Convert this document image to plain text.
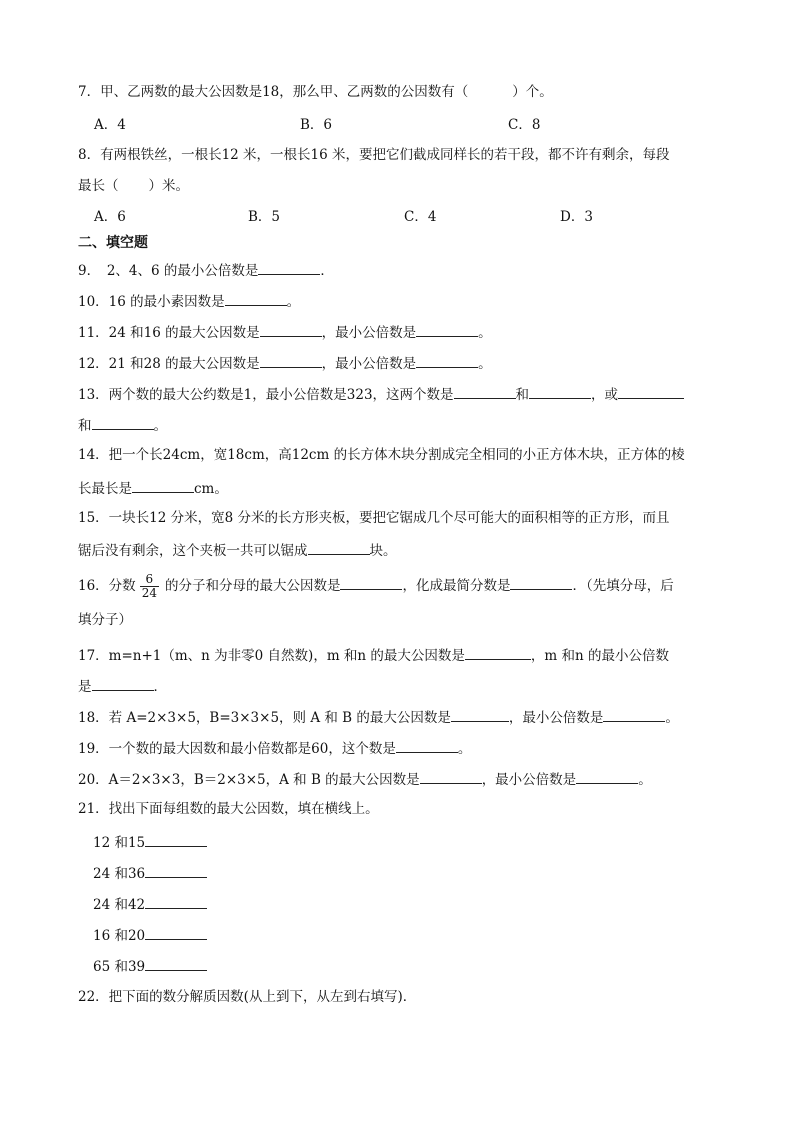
7．甲、乙两数的最大公因数是18，那么甲、乙两数的公因数有（	）个。
A．4	B．6	C．8
8．有两根铁丝，一根长12 米，一根长16 米，要把它们截成同样长的若干段，都不许有剩余，每段
最长（ ）米。
A．6	B．5	C．4	D．3
二、填空题
9．　2、4、6 的最小公倍数是	．
10．16 的最小素因数是	。
11．24 和16 的最大公因数是	，最小公倍数是	。
12．21 和28 的最大公因数是	，最小公倍数是	。
13．两个数的最大公约数是1，最小公倍数是323，这两个数是	和	，或
和	。
14．把一个长24cm，宽18cm，高12cm 的长方体木块分割成完全相同的小正方体木块，正方体的棱
长最长是	cm。
15．一块长12 分米，宽8 分米的长方形夹板，要把它锯成几个尽可能大的面积相等的正方形，而且
锯后没有剩余，这个夹板一共可以锯成	块。
16．分数 $\frac{6}{24}$ 的分子和分母的最大公因数是	，化成最简分数是	．（先填分母，后
填分子）
17．m=n+1（m、n 为非零0 自然数)，m 和n 的最大公因数是	，m 和n 的最小公倍数
是	．
18．若 A=2×3×5，B=3×3×5，则 A 和 B 的最大公因数是	，最小公倍数是	。
19．一个数的最大因数和最小倍数都是60，这个数是	。
20．A＝2×3×3，B＝2×3×5，A 和 B 的最大公因数是	，最小公倍数是	。
21．找出下面每组数的最大公因数，填在横线上。
12 和15
24 和36
24 和42
16 和20
65 和39
22．把下面的数分解质因数(从上到下，从左到右填写)．
